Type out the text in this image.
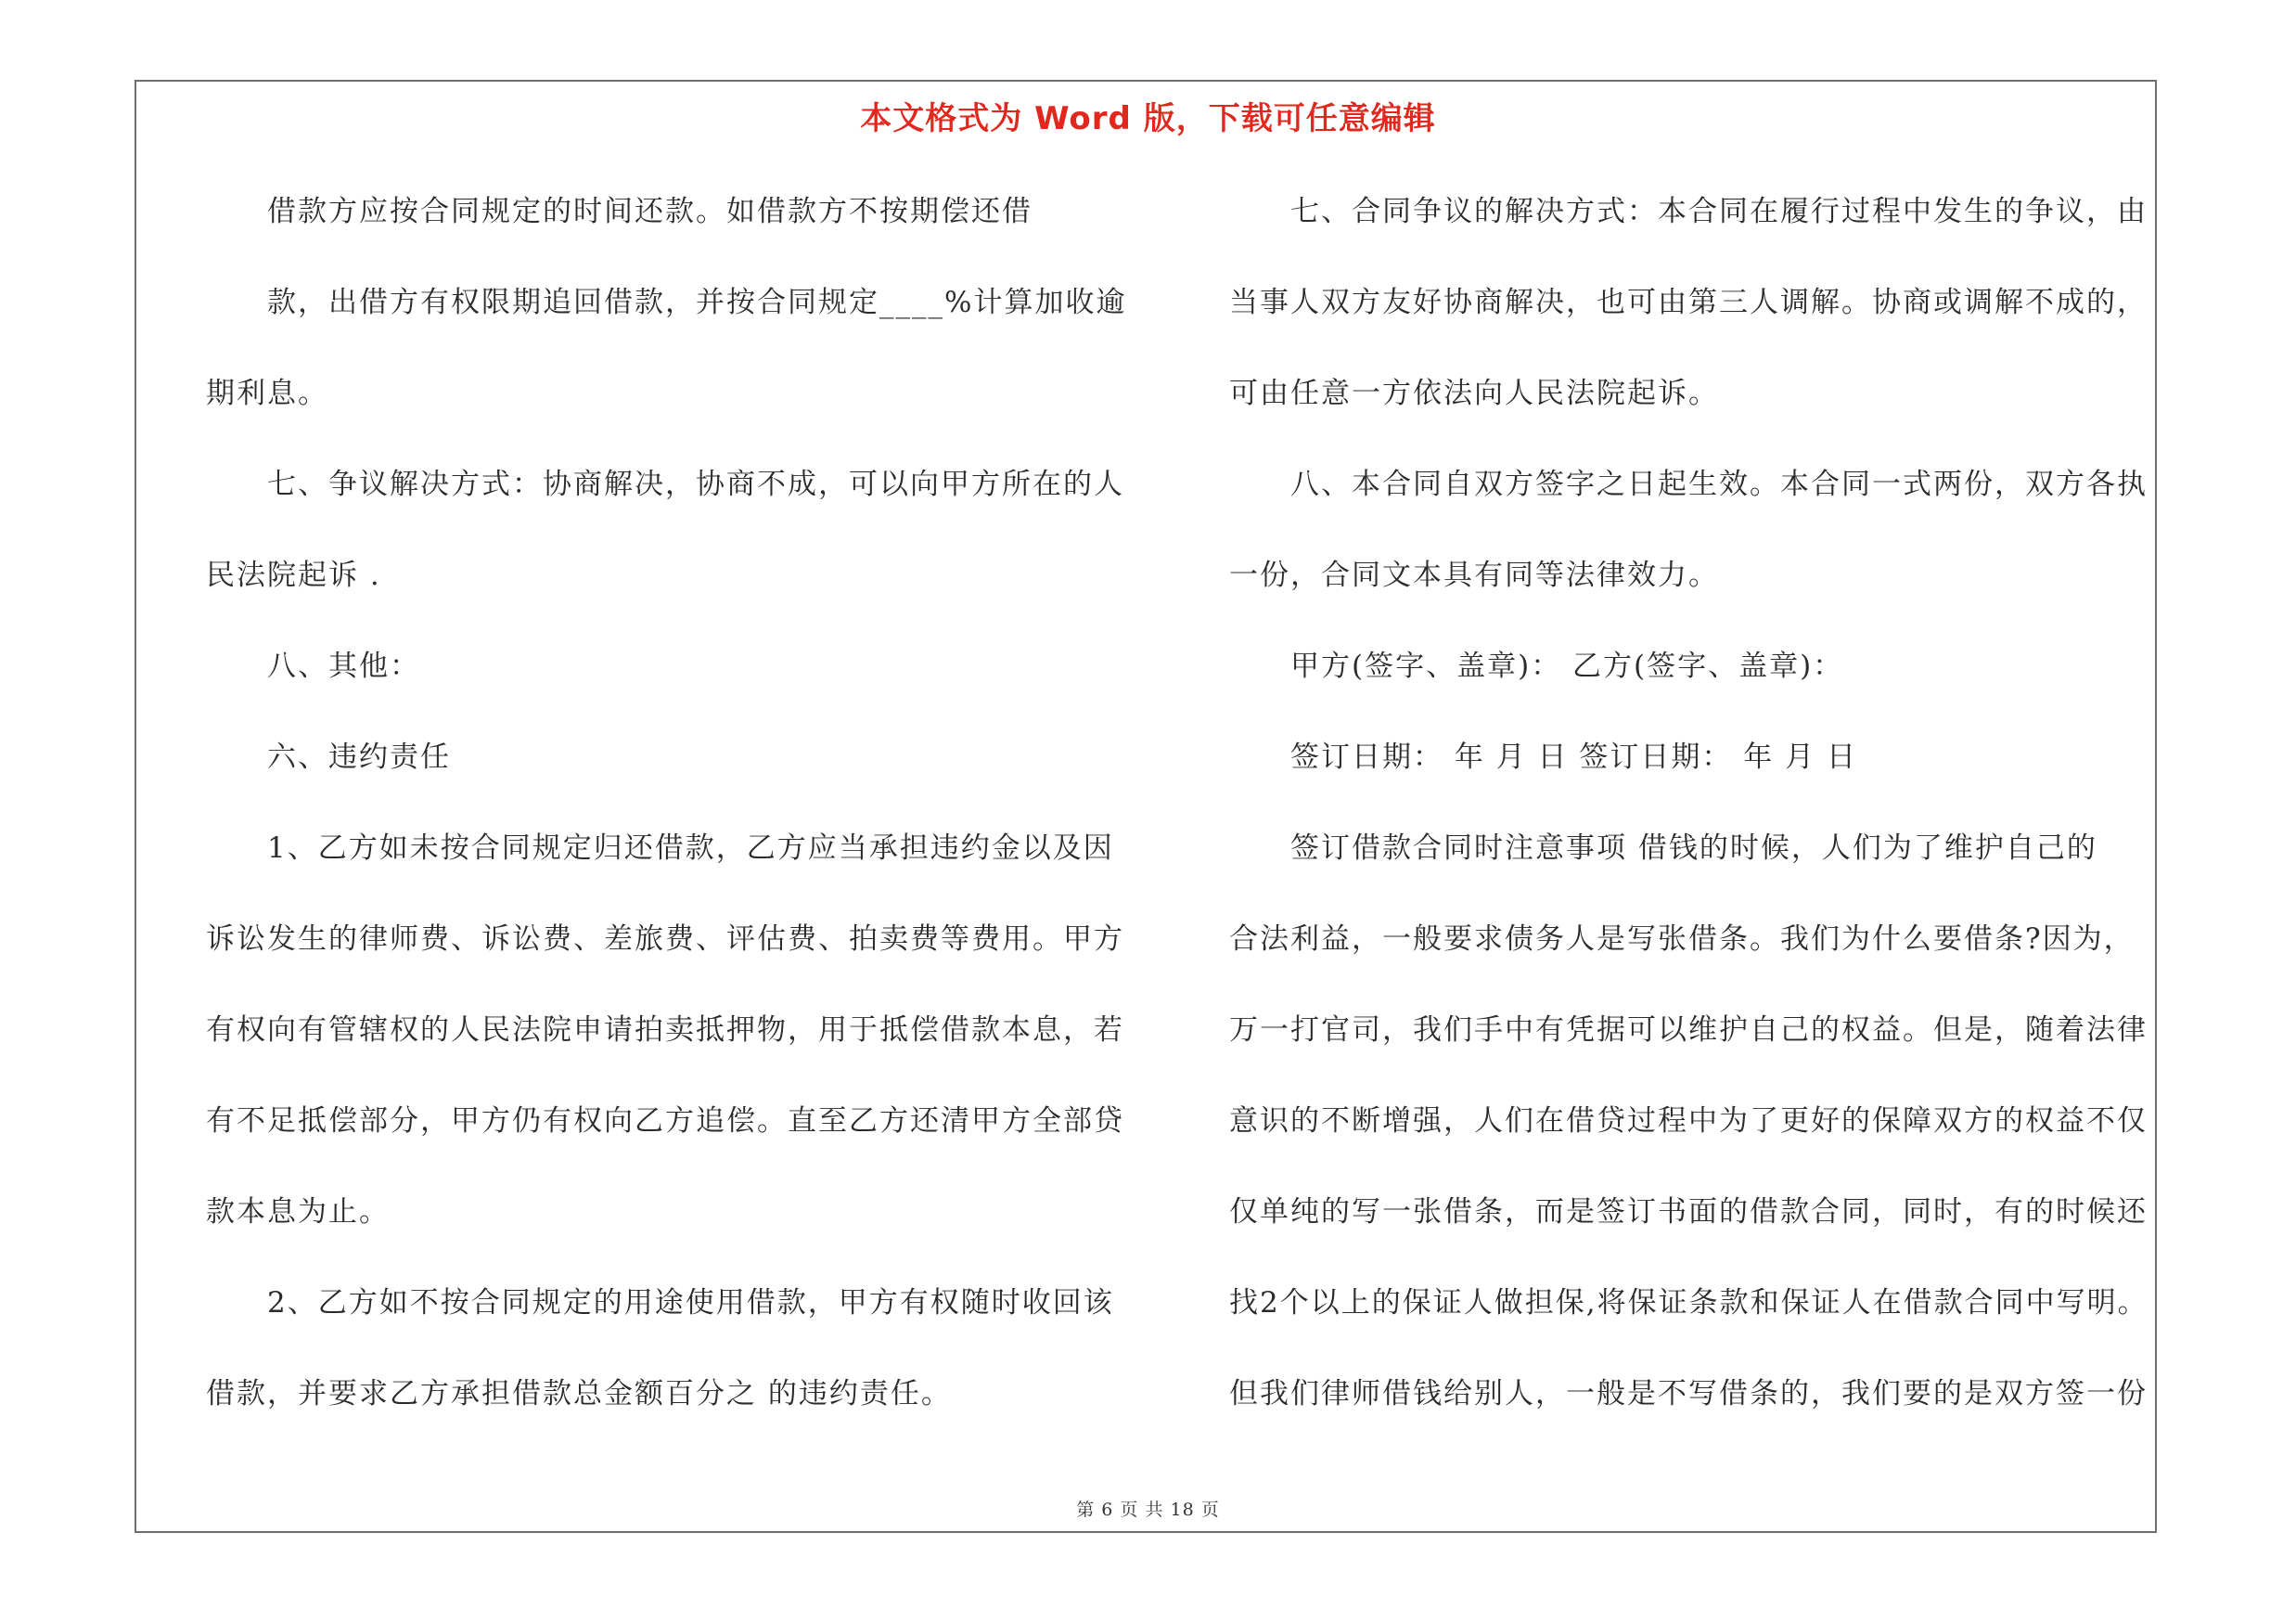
本文格式为 Word 版，下载可任意编辑
借款方应按合同规定的时间还款。如借款方不按期偿还借
款，出借方有权限期追回借款，并按合同规定____%计算加收逾
期利息。
七、争议解决方式：协商解决，协商不成，可以向甲方所在的人
民法院起诉 .
八、其他：
六、违约责任
1、乙方如未按合同规定归还借款，乙方应当承担违约金以及因
诉讼发生的律师费、诉讼费、差旅费、评估费、拍卖费等费用。甲方
有权向有管辖权的人民法院申请拍卖抵押物，用于抵偿借款本息，若
有不足抵偿部分，甲方仍有权向乙方追偿。直至乙方还清甲方全部贷
款本息为止。
2、乙方如不按合同规定的用途使用借款，甲方有权随时收回该
借款，并要求乙方承担借款总金额百分之 的违约责任。
七、合同争议的解决方式：本合同在履行过程中发生的争议，由
当事人双方友好协商解决，也可由第三人调解。协商或调解不成的，
可由任意一方依法向人民法院起诉。
八、本合同自双方签字之日起生效。本合同一式两份，双方各执
一份，合同文本具有同等法律效力。
甲方(签字、盖章)： 乙方(签字、盖章)：
签订日期： 年 月 日 签订日期： 年 月 日
签订借款合同时注意事项 借钱的时候，人们为了维护自己的
合法利益，一般要求债务人是写张借条。我们为什么要借条?因为，
万一打官司，我们手中有凭据可以维护自己的权益。但是，随着法律
意识的不断增强，人们在借贷过程中为了更好的保障双方的权益不仅
仅单纯的写一张借条，而是签订书面的借款合同，同时，有的时候还
找2个以上的保证人做担保,将保证条款和保证人在借款合同中写明。
但我们律师借钱给别人，一般是不写借条的，我们要的是双方签一份
第 6 页 共 18 页
